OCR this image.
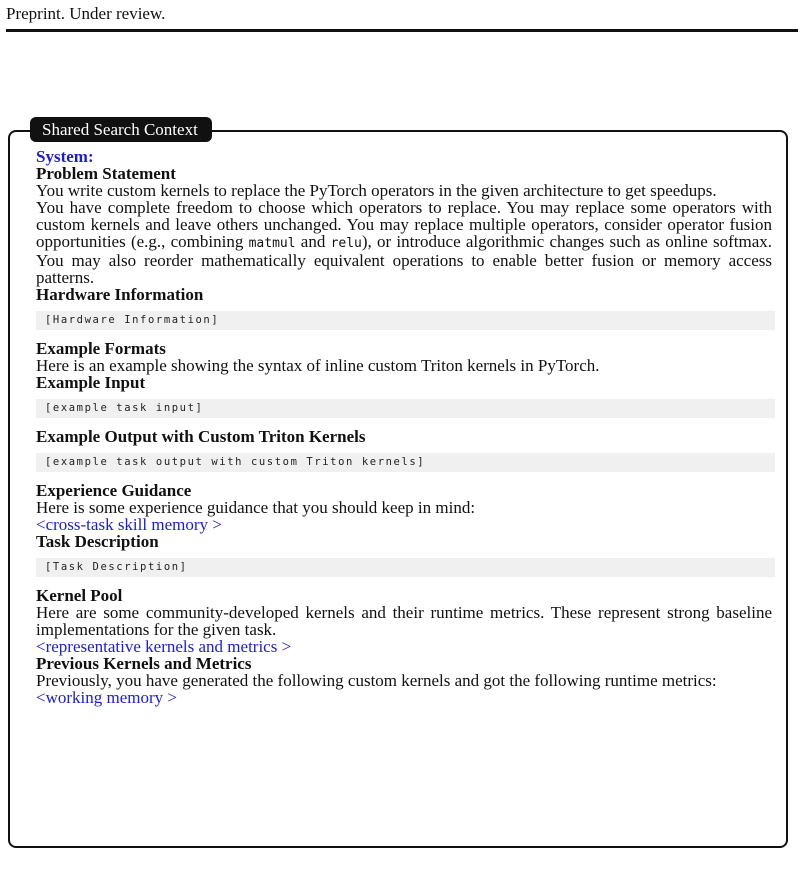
Preprint. Under review.
Shared Search Context
System:
Problem Statement
You write custom kernels to replace the PyTorch operators in the given architecture to get speedups.
You have complete freedom to choose which operators to replace. You may replace some operators with custom kernels and leave others unchanged. You may replace multiple operators, consider operator fusion opportunities (e.g., combining matmul and relu), or introduce algorithmic changes such as online softmax. You may also reorder mathematically equivalent operations to enable better fusion or memory access patterns.
Hardware Information
[Hardware Information]
Example Formats
Here is an example showing the syntax of inline custom Triton kernels in PyTorch.
Example Input
[example task input]
Example Output with Custom Triton Kernels
[example task output with custom Triton kernels]
Experience Guidance
Here is some experience guidance that you should keep in mind:
<cross-task skill memory >
Task Description
[Task Description]
Kernel Pool
Here are some community-developed kernels and their runtime metrics. These represent strong baseline implementations for the given task.
<representative kernels and metrics >
Previous Kernels and Metrics
Previously, you have generated the following custom kernels and got the following runtime metrics:
<working memory >
